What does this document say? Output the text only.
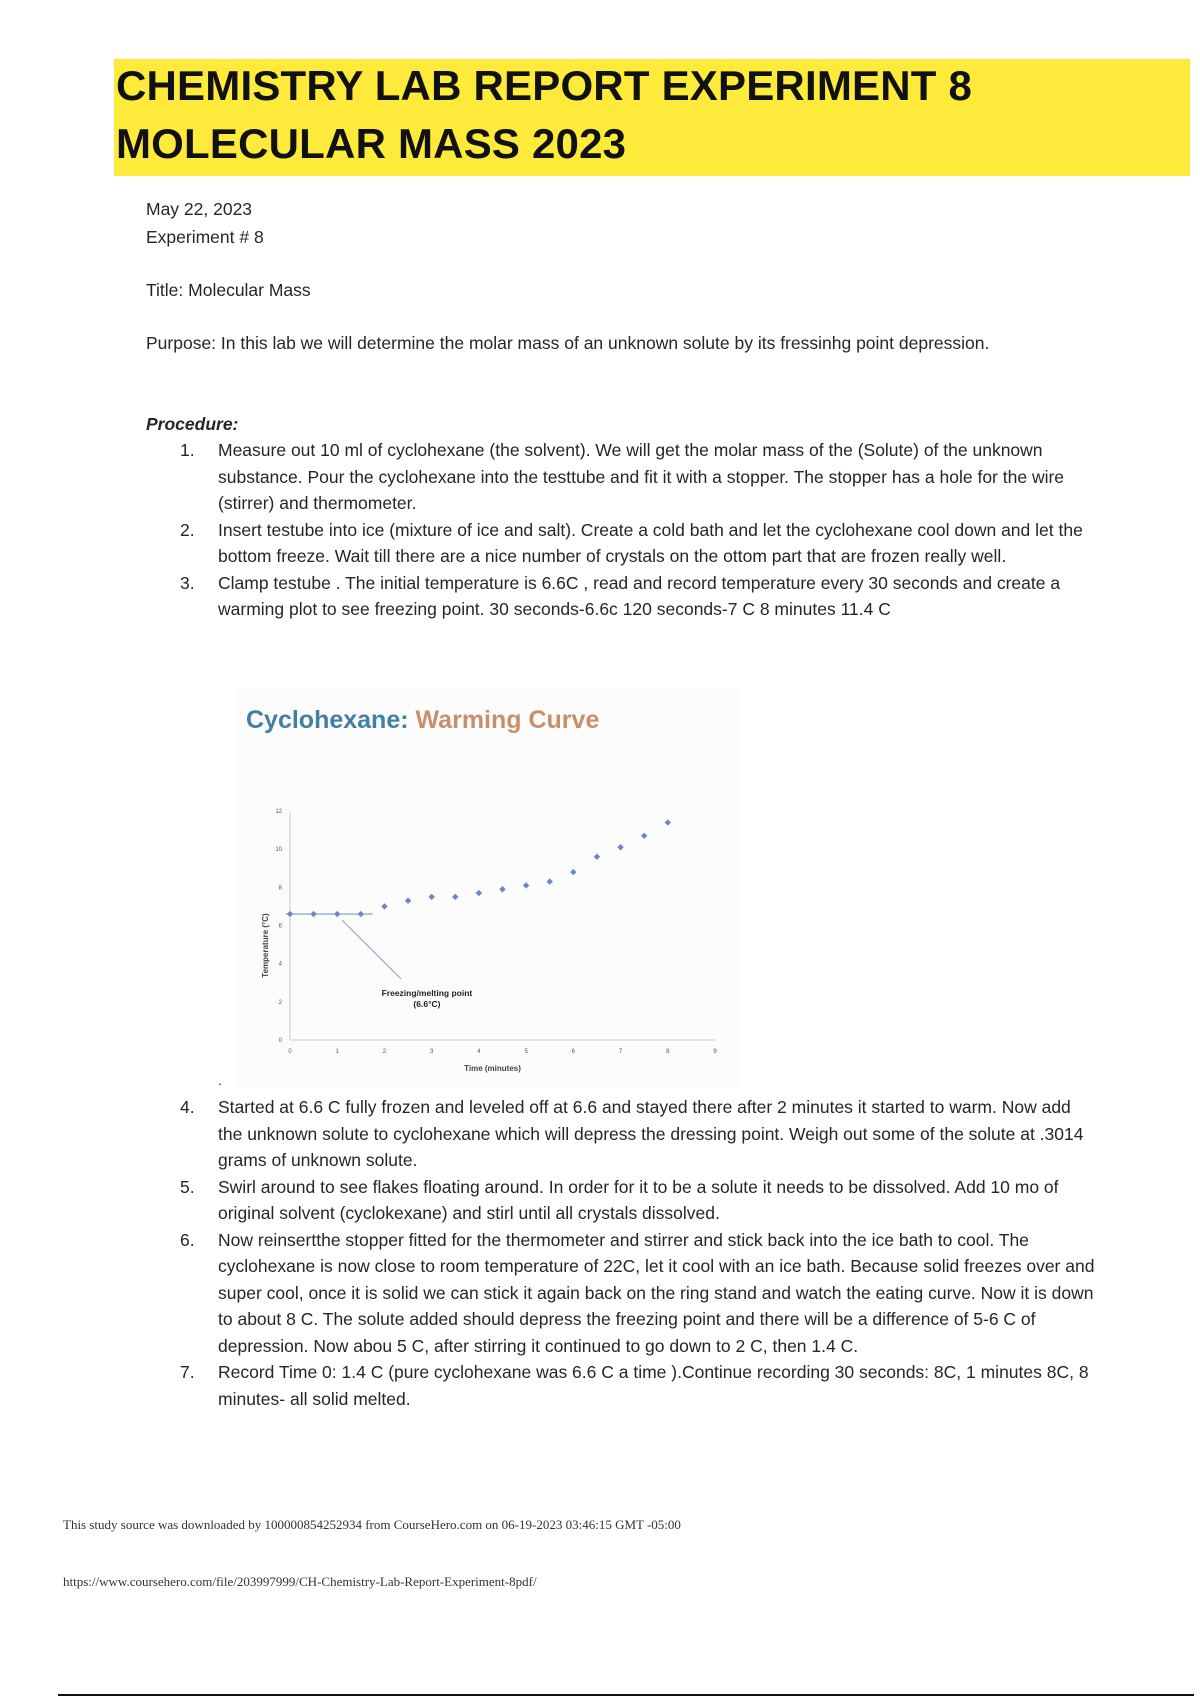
CHEMISTRY LAB REPORT EXPERIMENT 8
MOLECULAR MASS 2023
May 22, 2023
Experiment # 8
Title: Molecular Mass
Purpose: In this lab we will determine the molar mass of an unknown solute by its fressinhg point depression.
Procedure:
1. Measure out 10 ml of cyclohexane (the solvent). We will get the molar mass of the (Solute) of the unknown substance. Pour the cyclohexane into the testtube and fit it with a stopper. The stopper has a hole for the wire (stirrer) and thermometer.
2. Insert testube into ice (mixture of ice and salt). Create a cold bath and let the cyclohexane cool down and let the bottom freeze. Wait till there are a nice number of crystals on the ottom part that are frozen really well.
3. Clamp testube . The initial temperature is 6.6C , read and record temperature every 30 seconds and create a warming plot to see freezing point. 30 seconds-6.6c 120 seconds-7 C 8 minutes 11.4 C
Cyclohexane: Warming Curve
0	1	2	3	4	5	6	7	8	9
0
2
4
6
8
10
12
Time (minutes)
Temperature (°C)
Freezing/melting point
(6.6°C)
.
4. Started at 6.6 C fully frozen and leveled off at 6.6 and stayed there after 2 minutes it started to warm. Now add the unknown solute to cyclohexane which will depress the dressing point. Weigh out some of the solute at .3014 grams of unknown solute.
5. Swirl around to see flakes floating around. In order for it to be a solute it needs to be dissolved. Add 10 mo of original solvent (cyclokexane) and stirl until all crystals dissolved.
6. Now reinsertthe stopper fitted for the thermometer and stirrer and stick back into the ice bath to cool. The cyclohexane is now close to room temperature of 22C, let it cool with an ice bath. Because solid freezes over and super cool, once it is solid we can stick it again back on the ring stand and watch the eating curve. Now it is down to about 8 C. The solute added should depress the freezing point and there will be a difference of 5-6 C of depression. Now abou 5 C, after stirring it continued to go down to 2 C, then 1.4 C.
7. Record Time 0: 1.4 C (pure cyclohexane was 6.6 C a time ).Continue recording 30 seconds: 8C, 1 minutes 8C, 8 minutes- all solid melted.
This study source was downloaded by 100000854252934 from CourseHero.com on 06-19-2023 03:46:15 GMT -05:00
https://www.coursehero.com/file/203997999/CH-Chemistry-Lab-Report-Experiment-8pdf/
